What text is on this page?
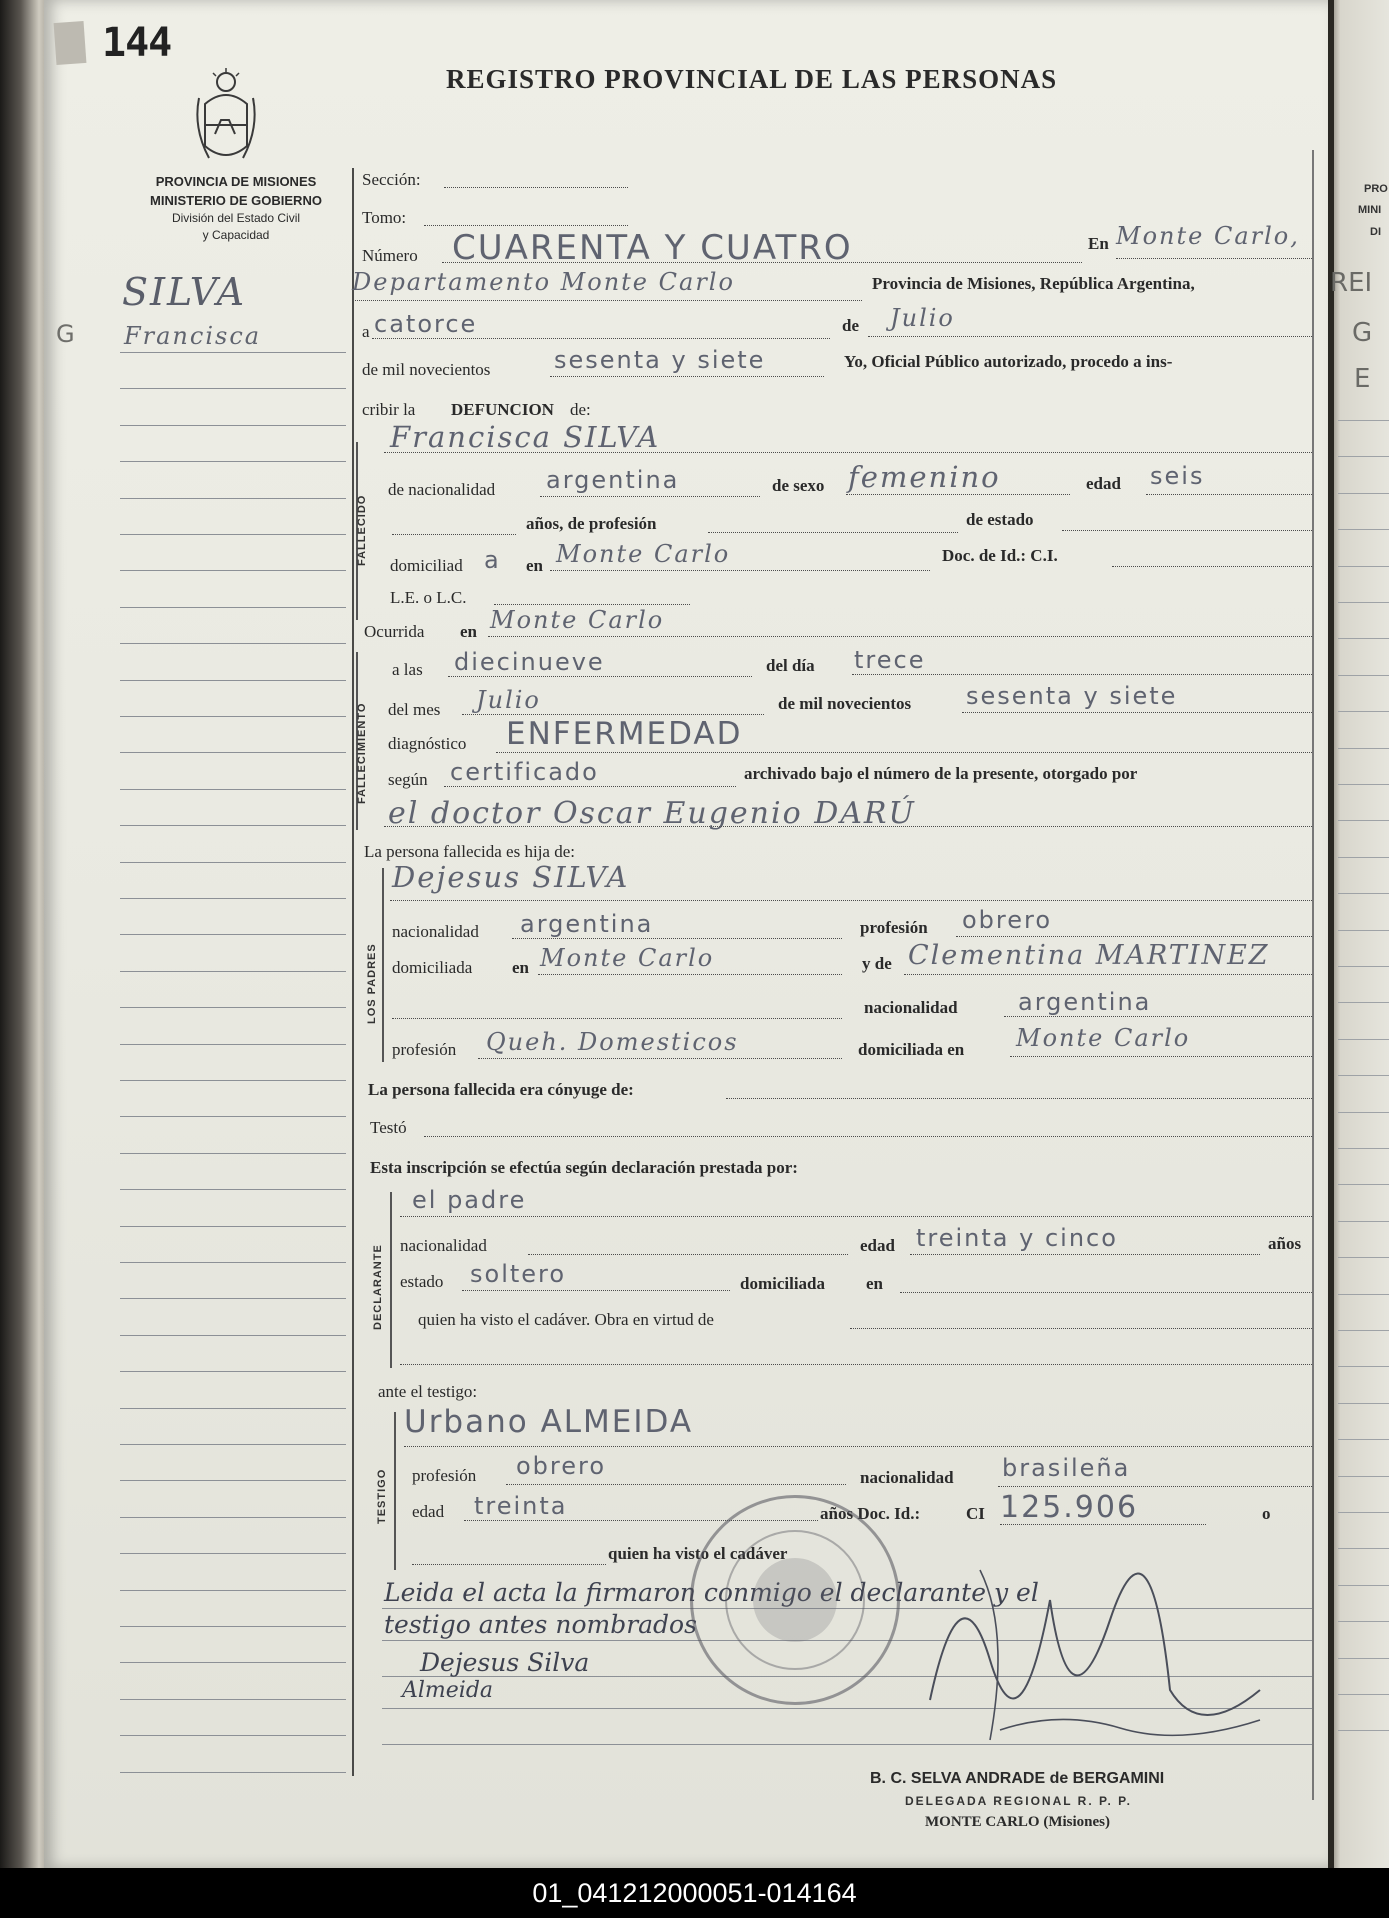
PRO
MINI
DI
REI
G
E
144
REGISTRO PROVINCIAL DE LAS PERSONAS
PROVINCIA DE MISIONES
MINISTERIO DE GOBIERNO
División del Estado Civil
y Capacidad
SILVA
Francisca
G
Sección:
Tomo:
Número CUARENTA Y CUATRO	En Monte Carlo,
Departamento Monte Carlo	Provincia de Misiones, República Argentina,
a catorce	de Julio
de mil novecientos	sesenta y siete	Yo, Oficial Público autorizado, procedo a ins-
cribir la DEFUNCION de:
FALLECIDO
Francisca SILVA
de nacionalidad argentina	de sexo femenino	edad seis
años, de profesión	de estado
domiciliad a en Monte Carlo	Doc. de Id.: C.I.
L.E. o L.C.
Ocurrida en Monte Carlo
FALLECIMIENTO
a las diecinueve	del día trece
del mes Julio	de mil novecientos sesenta y siete
diagnóstico ENFERMEDAD
según certificado	archivado bajo el número de la presente, otorgado por
el doctor Oscar Eugenio DARÚ
La persona fallecida es hija de:
LOS PADRES
Dejesus SILVA
nacionalidad argentina	profesión obrero
domiciliada en Monte Carlo	y de Clementina MARTINEZ
nacionalidad	argentina
profesión Queh. Domesticos	domiciliada en Monte Carlo
La persona fallecida era cónyuge de:
Testó
Esta inscripción se efectúa según declaración prestada por:
DECLARANTE
el padre
nacionalidad	edad treinta y cinco	años
estado soltero	domiciliada en
quien ha visto el cadáver. Obra en virtud de
ante el testigo:
TESTIGO
Urbano ALMEIDA
profesión obrero	nacionalidad brasileña
edad treinta	años Doc. Id.:	CI 125.906	o
quien ha visto el cadáver
Leida el acta la firmaron conmigo el declarante y el
testigo antes nombrados
Dejesus Silva
Almeida
B. C. SELVA ANDRADE de BERGAMINI
DELEGADA REGIONAL R. P. P.
MONTE CARLO (Misiones)
01_041212000051-014164
